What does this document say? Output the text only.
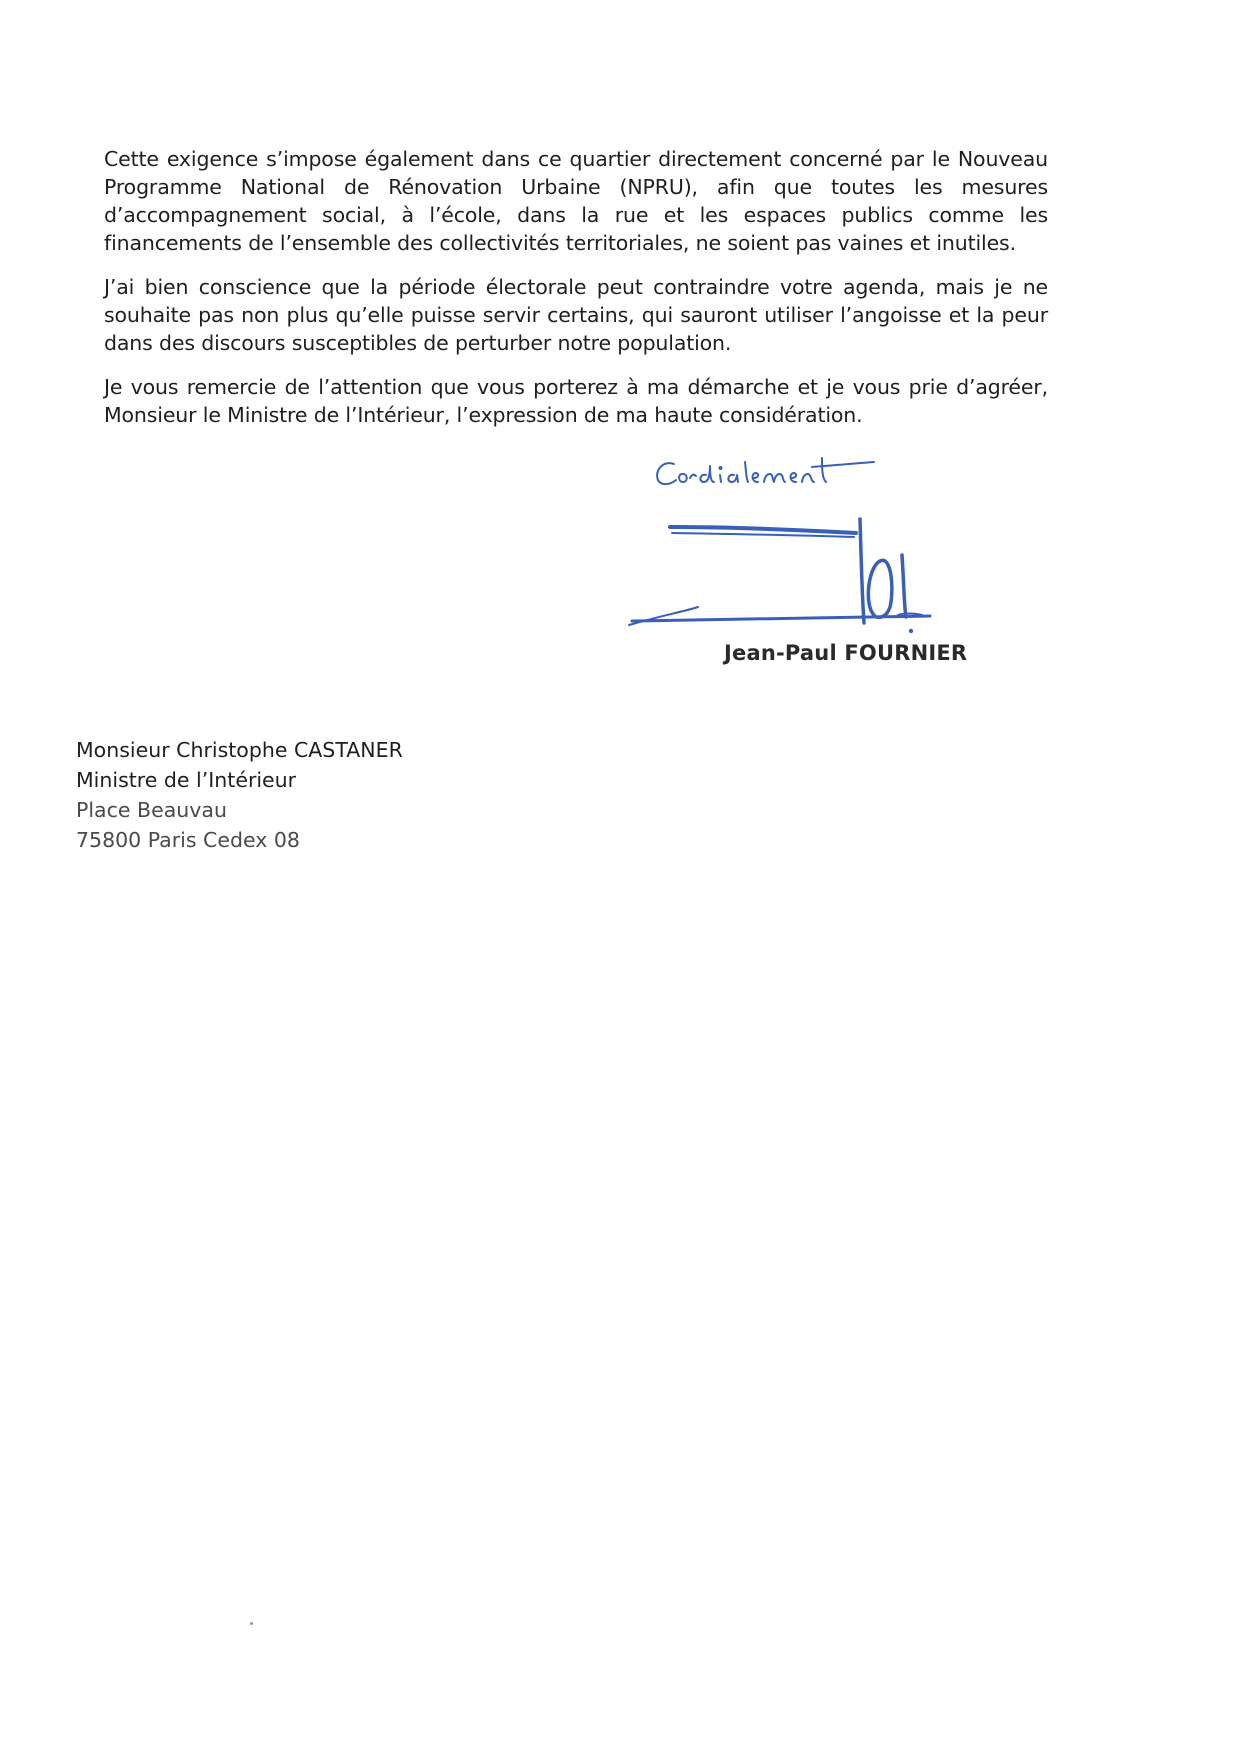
Cette exigence s’impose également dans ce quartier directement concerné par le Nouveau Programme National de Rénovation Urbaine (NPRU), afin que toutes les mesures d’accompagnement social, à l’école, dans la rue et les espaces publics comme les financements de l’ensemble des collectivités territoriales, ne soient pas vaines et inutiles.

J’ai bien conscience que la période électorale peut contraindre votre agenda, mais je ne souhaite pas non plus qu’elle puisse servir certains, qui sauront utiliser l’angoisse et la peur dans des discours susceptibles de perturber notre population.

Je vous remercie de l’attention que vous porterez à ma démarche et je vous prie d’agréer, Monsieur le Ministre de l’Intérieur, l’expression de ma haute considération.

Jean-Paul FOURNIER
Monsieur Christophe CASTANER
Ministre de l’Intérieur
Place Beauvau
75800 Paris Cedex 08
